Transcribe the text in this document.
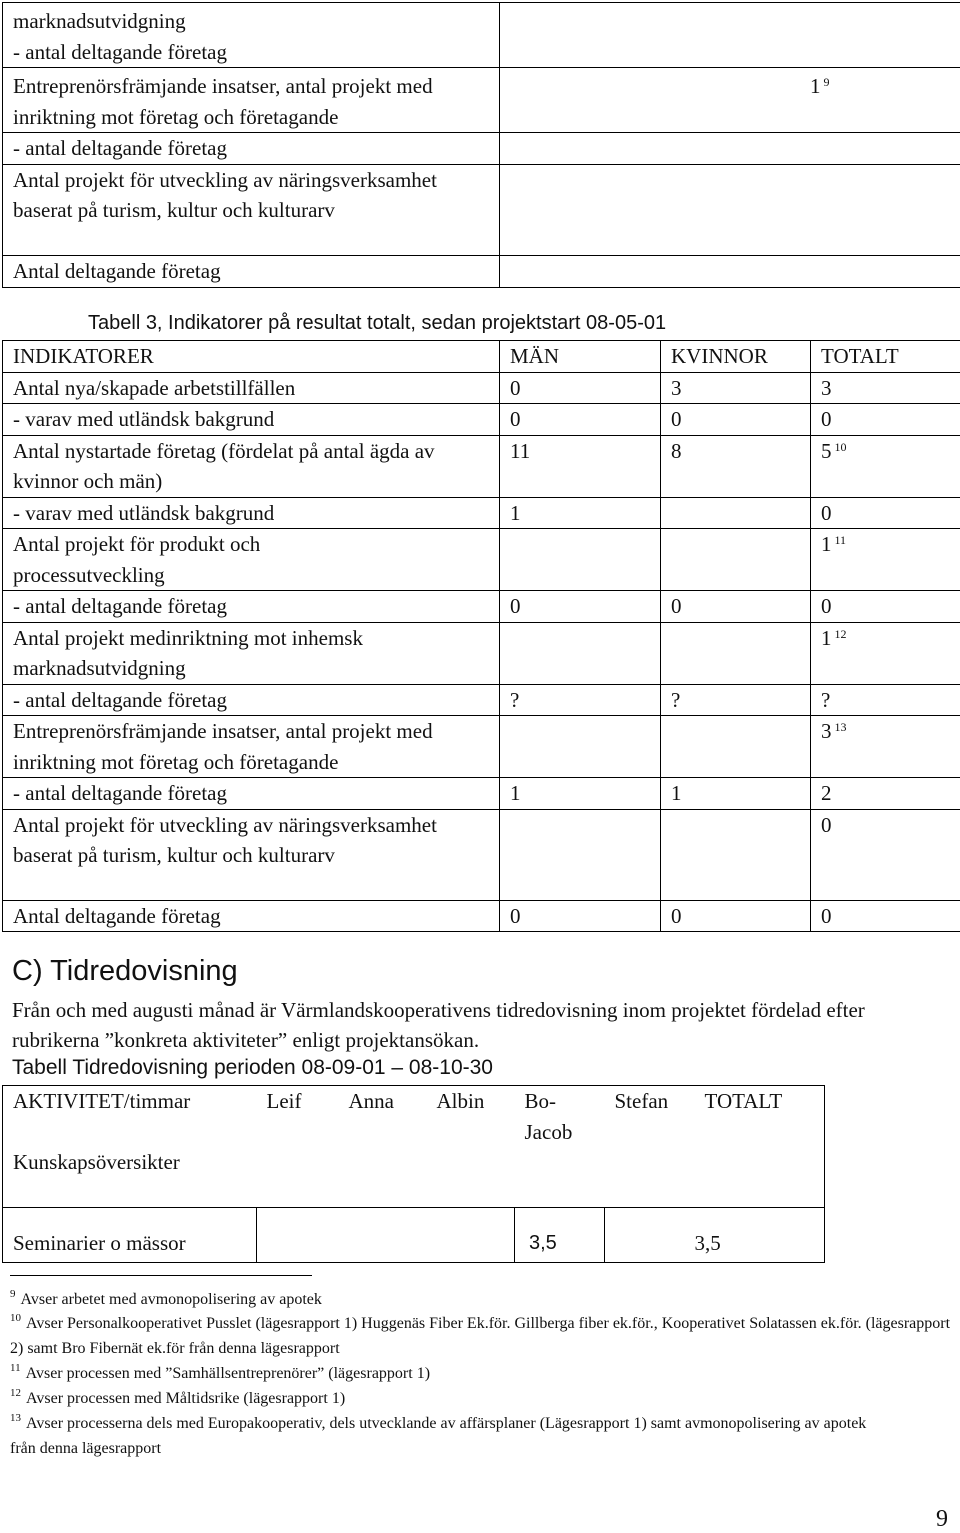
marknadsutvidgning
- antal deltagande företag	

Entreprenörsfrämjande insatser, antal projekt med inriktning mot företag och företagande	1 $^9$
- antal deltagande företag	
Antal projekt för utveckling av näringsverksamhet baserat på turism, kultur och kulturarv	
Antal deltagande företag	
Tabell 3, Indikatorer på resultat totalt, sedan projektstart 08-05-01
INDIKATORER	MÄN	KVINNOR	TOTALT
Antal nya/skapade arbetstillfällen	0	3	3
- varav med utländsk bakgrund	0	0	0
Antal nystartade företag (fördelat på antal ägda av kvinnor och män)	11	8	5 $^{10}$
- varav med utländsk bakgrund	1		0
Antal projekt för produkt och processutveckling			1 $^{11}$
- antal deltagande företag	0	0	0
Antal projekt medinriktning mot inhemsk marknadsutvidgning			1 $^{12}$
- antal deltagande företag	?	?	?
Entreprenörsfrämjande insatser, antal projekt med inriktning mot företag och företagande			3 $^{13}$
- antal deltagande företag	1	1	2
Antal projekt för utveckling av näringsverksamhet baserat på turism, kultur och kulturarv			0
Antal deltagande företag	0	0	0
C) Tidredovisning
Från och med augusti månad är Värmlandskooperativens tidredovisning inom projektet fördelad efter rubrikerna ”konkreta aktiviteter” enligt projektansökan.
Tabell Tidredovisning perioden 08-09-01 – 08-10-30
AKTIVITET/timmar	Leif	Anna	Albin	Bo-Jacob	Stefan	TOTALT
Kunskapsöversikter						
Seminarier o mässor				3,5		3,5
$^9$ Avser arbetet med avmonopolisering av apotek
$^{10}$ Avser Personalkooperativet Pusslet (lägesrapport 1) Huggenäs Fiber Ek.för. Gillberga fiber ek.för., Kooperativet Solatassen ek.för. (lägesrapport 2) samt Bro Fibernät ek.för från denna lägesrapport
$^{11}$ Avser processen med ”Samhällsentreprenörer” (lägesrapport 1)
$^{12}$ Avser processen med Måltidsrike (lägesrapport 1)
$^{13}$ Avser processerna dels med Europakooperativ, dels utvecklande av affärsplaner (Lägesrapport 1) samt avmonopolisering av apotek från denna lägesrapport
9
